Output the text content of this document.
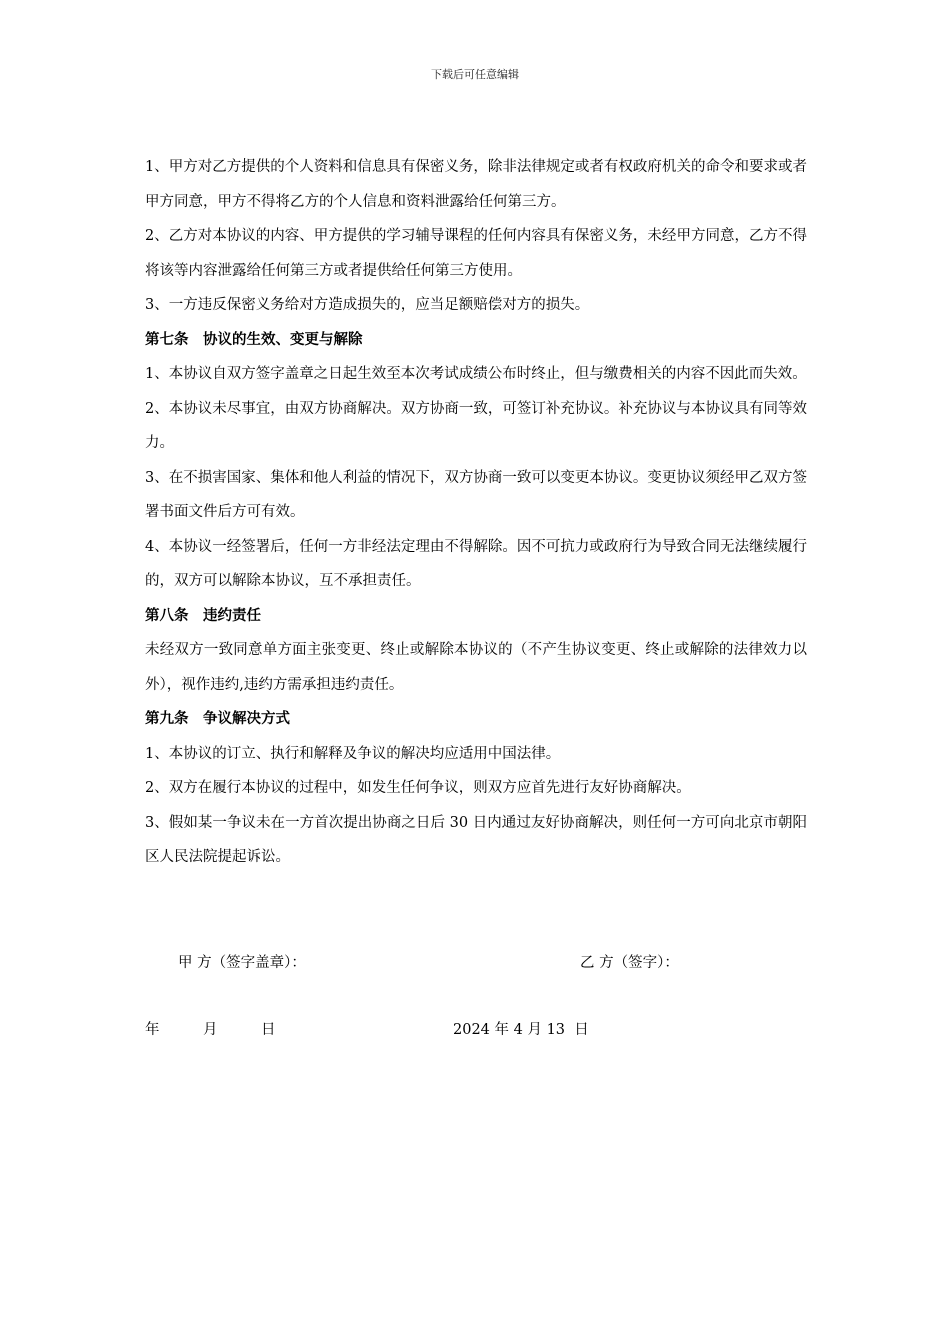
下载后可任意编辑

1、甲方对乙方提供的个人资料和信息具有保密义务，除非法律规定或者有权政府机关的命令和要求或者甲方同意，甲方不得将乙方的个人信息和资料泄露给任何第三方。

2、乙方对本协议的内容、甲方提供的学习辅导课程的任何内容具有保密义务，未经甲方同意，乙方不得将该等内容泄露给任何第三方或者提供给任何第三方使用。

3、一方违反保密义务给对方造成损失的，应当足额赔偿对方的损失。

第七条　协议的生效、变更与解除

1、本协议自双方签字盖章之日起生效至本次考试成绩公布时终止，但与缴费相关的内容不因此而失效。

2、本协议未尽事宜，由双方协商解决。双方协商一致，可签订补充协议。补充协议与本协议具有同等效力。

3、在不损害国家、集体和他人利益的情况下，双方协商一致可以变更本协议。变更协议须经甲乙双方签署书面文件后方可有效。

4、本协议一经签署后，任何一方非经法定理由不得解除。因不可抗力或政府行为导致合同无法继续履行的，双方可以解除本协议，互不承担责任。

第八条　违约责任

未经双方一致同意单方面主张变更、终止或解除本协议的（不产生协议变更、终止或解除的法律效力以外），视作违约,违约方需承担违约责任。

第九条　争议解决方式

1、本协议的订立、执行和解释及争议的解决均应适用中国法律。

2、双方在履行本协议的过程中，如发生任何争议，则双方应首先进行友好协商解决。

3、假如某一争议未在一方首次提出协商之日后 30 日内通过友好协商解决，则任何一方可向北京市朝阳区人民法院提起诉讼。

甲 方（签字盖章）：	乙 方（签字）：
年　　　月　　　日	2024 年 4 月 13  日
